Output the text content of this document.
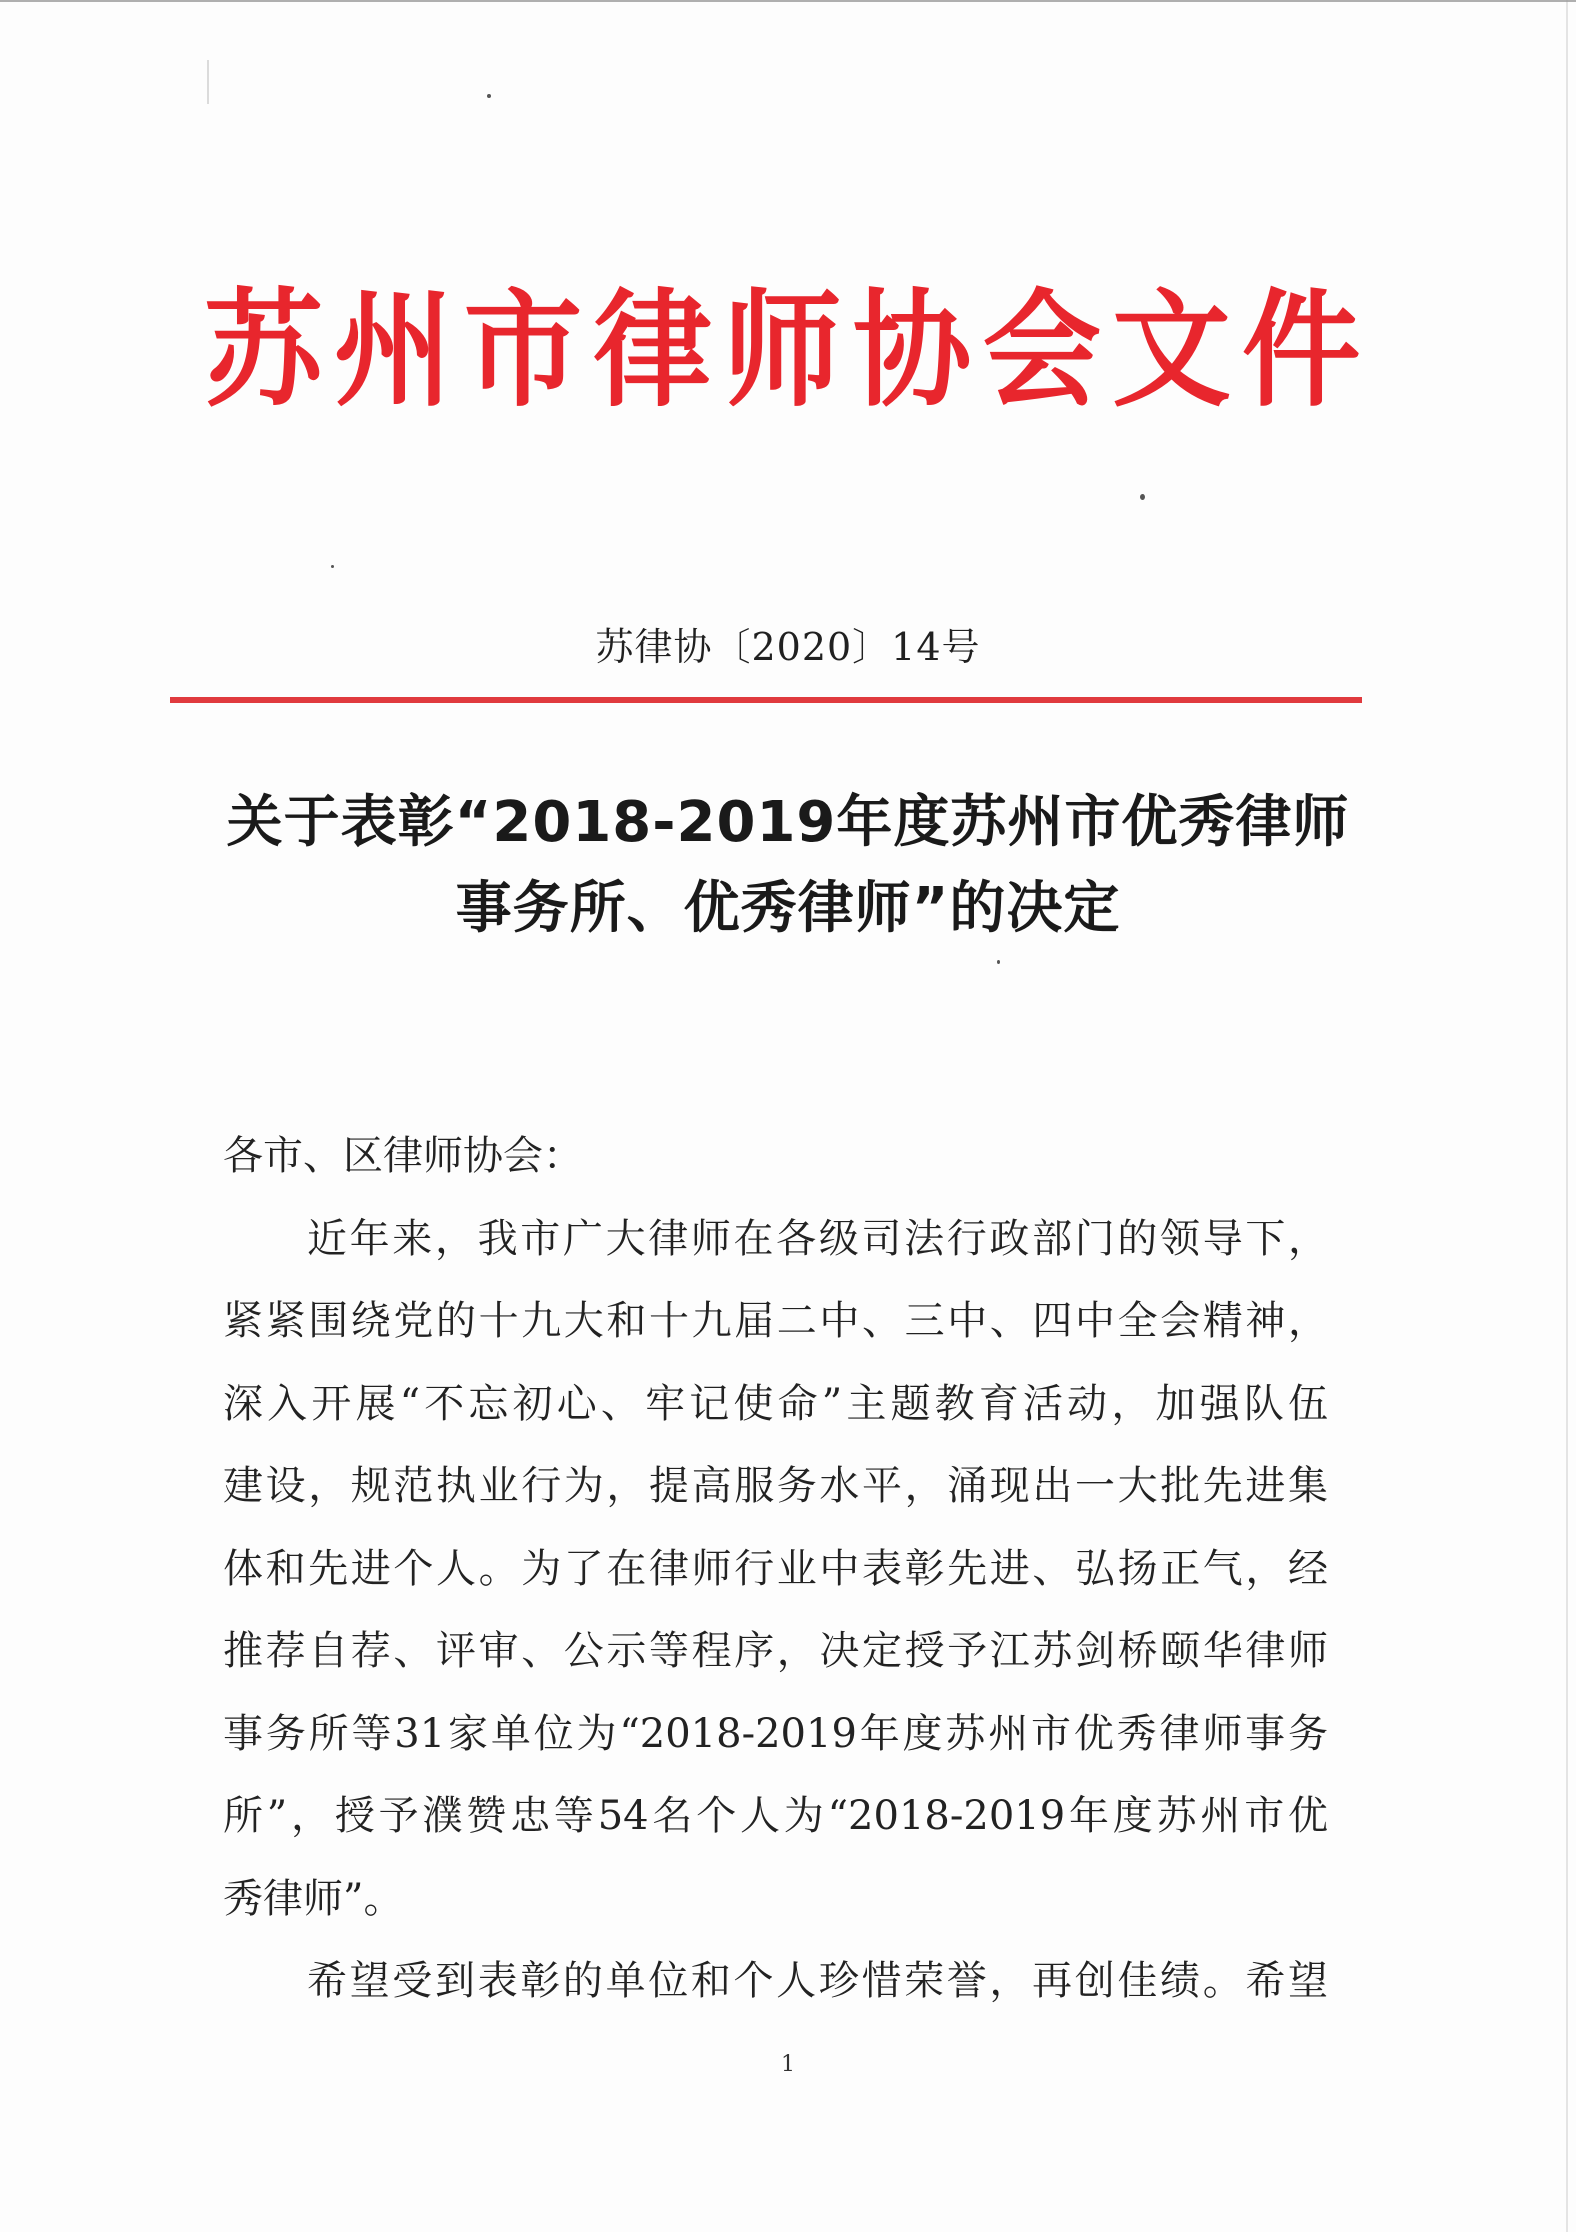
苏州市律师协会文件
苏律协〔2020〕14号
关于表彰“2018-2019年度苏州市优秀律师
事务所、优秀律师”的决定
各市、区律师协会：
近年来，我市广大律师在各级司法行政部门的领导下，
紧紧围绕党的十九大和十九届二中、三中、四中全会精神，
深入开展“不忘初心、牢记使命”主题教育活动，加强队伍
建设，规范执业行为，提高服务水平，涌现出一大批先进集
体和先进个人。为了在律师行业中表彰先进、弘扬正气，经
推荐自荐、评审、公示等程序，决定授予江苏剑桥颐华律师
事务所等31家单位为“2018-2019年度苏州市优秀律师事务
所”，授予濮赞忠等54名个人为“2018-2019年度苏州市优
秀律师”。
希望受到表彰的单位和个人珍惜荣誉，再创佳绩。希望
1
